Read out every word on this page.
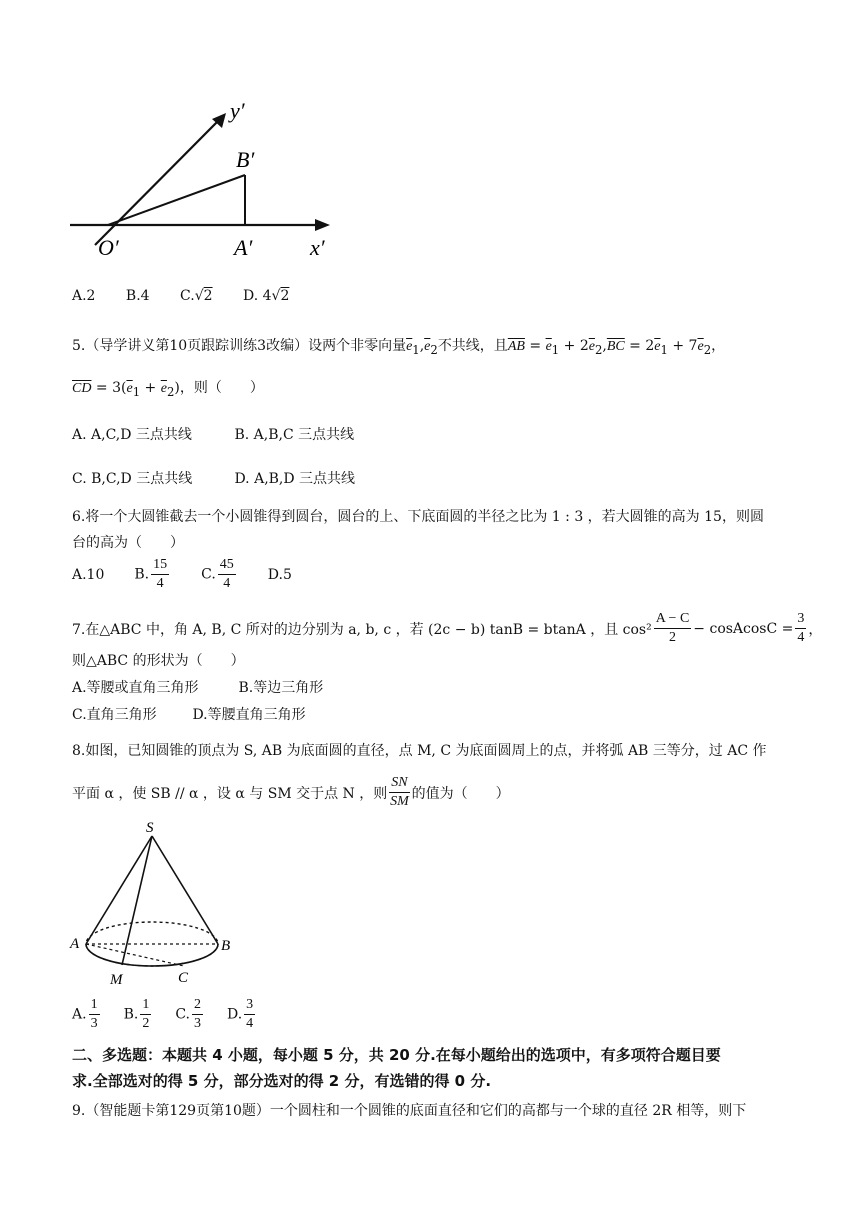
y′
B′
O′	A′	x′
A.2 B.4 C.√2 D. 4√2
5.（导学讲义第10页跟踪训练3改编）设两个非零向量$\overline{e}_1,\overline{e}_2$不共线，且$\overline{AB} = \overline{e}_1 + 2\overline{e}_2,\overline{BC} = 2\overline{e}_1 + 7\overline{e}_2$，
$\overline{CD} = 3(\overline{e}_1 + \overline{e}_2)$，则（　　）
A. A,C,D 三点共线	B. A,B,C 三点共线
C. B,C,D 三点共线	D. A,B,D 三点共线
6.将一个大圆锥截去一个小圆锥得到圆台，圆台的上、下底面圆的半径之比为 1 : 3 ，若大圆锥的高为 15，则圆
台的高为（　　）
A.10 B. $\frac{15}{4} C$. $\frac{45}{4} D.5$
7.在△ABC 中，角 A, B, C 所对的边分别为 a, b, c ，若 (2c − b) tanB = btanA ，且 $\cos^2 \frac{A - C}{2}$ − cosAcosC = $\frac{3}{4}$ ，
则△ABC 的形状为（　　）
A.等腰或直角三角形	B.等边三角形
C.直角三角形	D.等腰直角三角形
8.如图，已知圆锥的顶点为 S, AB 为底面圆的直径，点 M, C 为底面圆周上的点，并将弧 AB 三等分，过 AC 作
平面 α ，使 SB // α ，设 α 与 SM 交于点 N ，则 $\frac{SN}{SM}$ 的值为（　　）
S
A	B
M	C
A. $\frac{1}{3} B$. $\frac{1}{2} C$. $\frac{2}{3} D$. $\frac{3}{4}$
二、多选题：本题共 4 小题，每小题 5 分，共 20 分.在每小题给出的选项中，有多项符合题目要
求.全部选对的得 5 分，部分选对的得 2 分，有选错的得 0 分.
9.（智能题卡第129页第10题）一个圆柱和一个圆锥的底面直径和它们的高都与一个球的直径 2R 相等，则下
